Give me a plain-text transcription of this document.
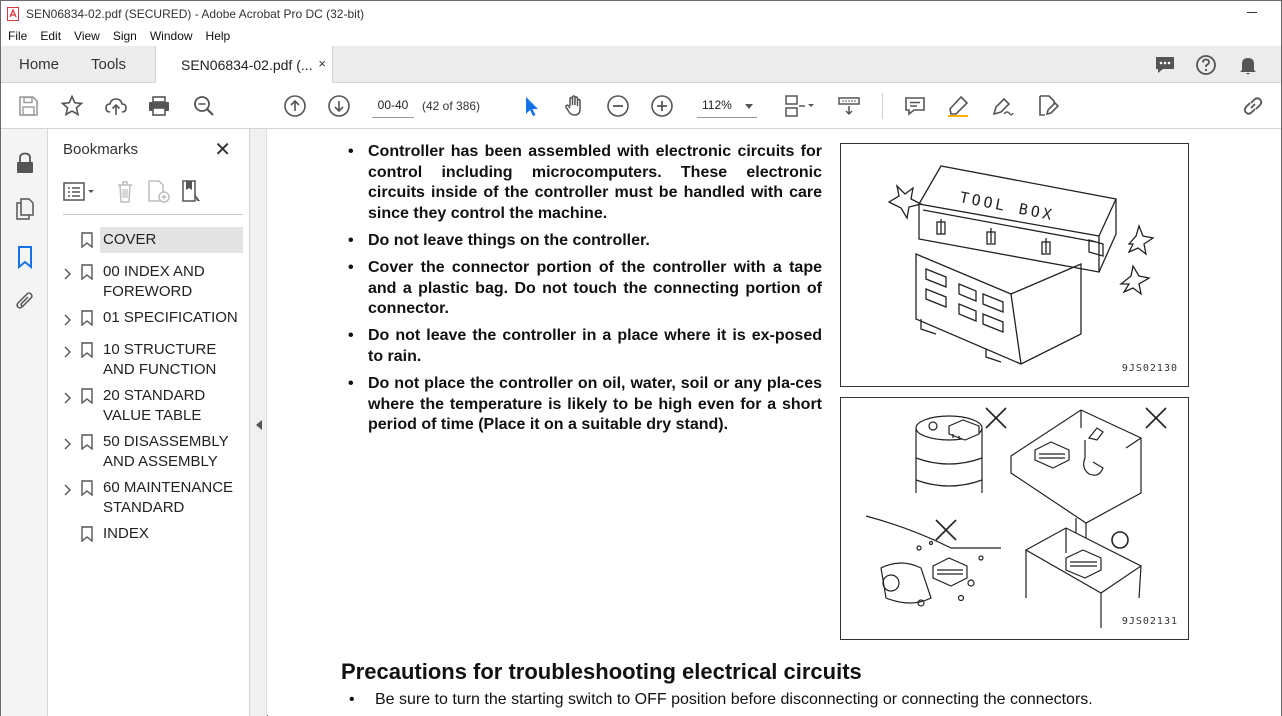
SEN06834-02.pdf (SECURED) - Adobe Acrobat Pro DC (32-bit)
File	Edit	View	Sign	Window	Help
Home Tools	SEN06834-02.pdf (... ×
00-40	(42 of 386)	112%
Bookmarks	✕
COVER
00 INDEX AND
FOREWORD
01 SPECIFICATION
10 STRUCTURE
AND FUNCTION
20 STANDARD
VALUE TABLE
50 DISASSEMBLY
AND ASSEMBLY
60 MAINTENANCE
STANDARD
INDEX
• Controller has been assembled with electronic circuits for control including microcomputers. These electronic circuits inside of the controller must be handled with care since they control the machine.
• Do not leave things on the controller.
• Cover the connector portion of the controller with a tape and a plastic bag. Do not touch the connecting portion of connector.
• Do not leave the controller in a place where it is ex-posed to rain.
• Do not place the controller on oil, water, soil or any pla-ces where the temperature is likely to be high even for a short period of time (Place it on a suitable dry stand).
TOOL BOX
9JS02130
9JS02131
Precautions for troubleshooting electrical circuits
• Be sure to turn the starting switch to OFF position before disconnecting or connecting the connectors.
